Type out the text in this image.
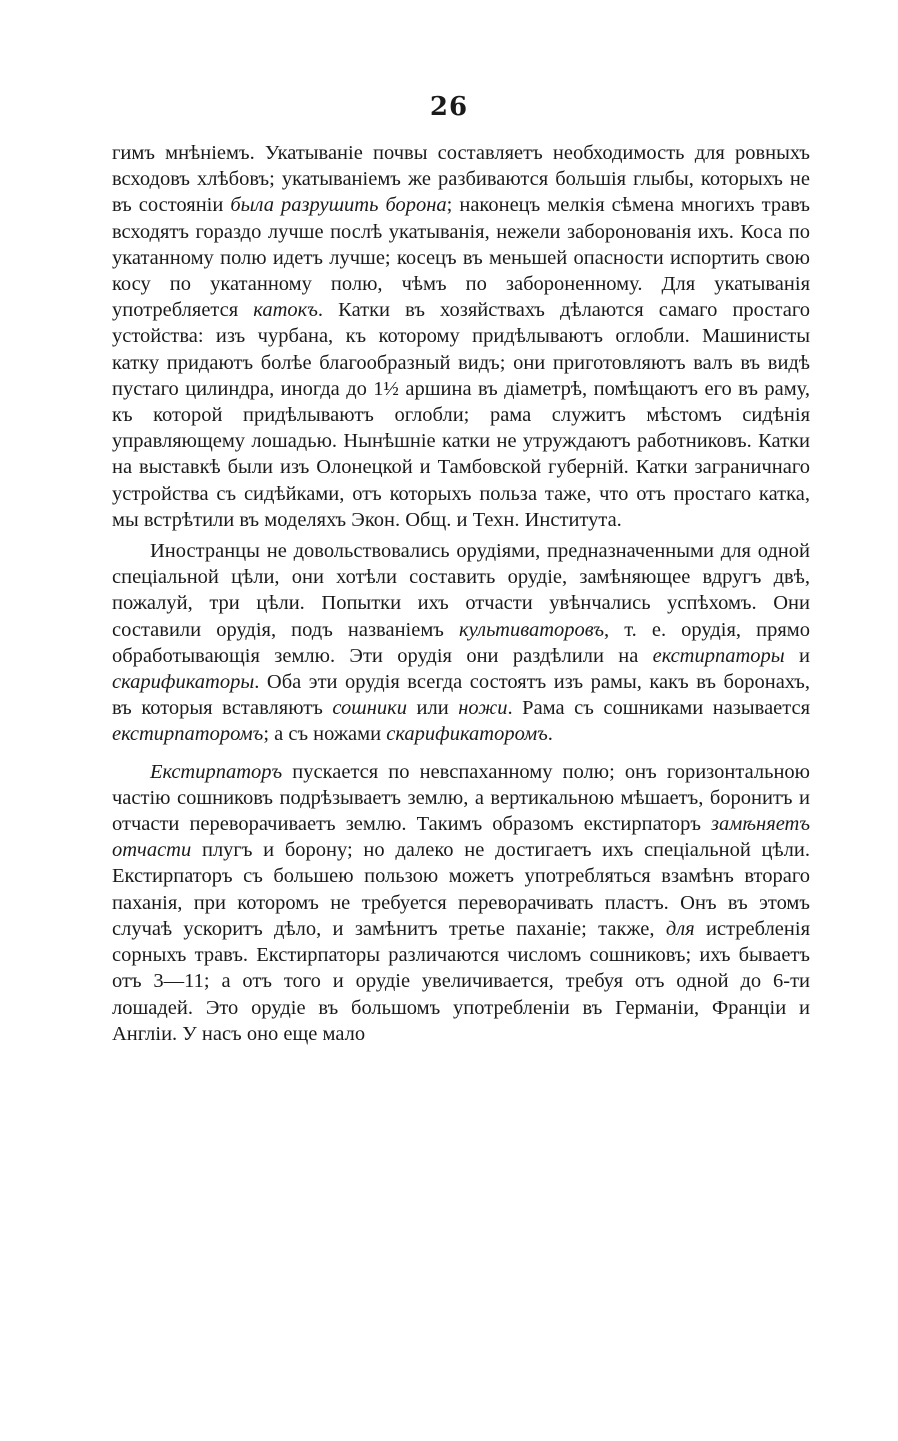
26

гимъ мнѣніемъ. Укатываніе почвы составляетъ необходимость для ровныхъ всходовъ хлѣбовъ; укатываніемъ же разбиваются большія глыбы, которыхъ не въ состояніи была разрушить борона; наконецъ мелкія сѣмена многихъ травъ всходятъ гораздо лучше послѣ укатыванія, нежели заборонованія ихъ. Коса по укатанному полю идетъ лучше; косецъ въ меньшей опасности испортить свою косу по укатанному полю, чѣмъ по забороненному. Для укатыванія употребляется катокъ. Катки въ хозяйствахъ дѣлаются самаго простаго устойства: изъ чурбана, къ которому придѣлываютъ оглобли. Машинисты катку придаютъ болѣе благообразный видъ; они приготовляютъ валъ въ видѣ пустаго цилиндра, иногда до 1½ аршина въ діаметрѣ, помѣщаютъ его въ раму, къ которой придѣлываютъ оглобли; рама служитъ мѣстомъ сидѣнія управляющему лошадью. Нынѣшніе катки не утруждаютъ работниковъ. Катки на выставкѣ были изъ Олонецкой и Тамбовской губерній. Катки заграничнаго устройства съ сидѣйками, отъ которыхъ польза таже, что отъ простаго катка, мы встрѣтили въ моделяхъ Экон. Общ. и Техн. Института.

Иностранцы не довольствовались орудіями, предназначенными для одной спеціальной цѣли, они хотѣли составить орудіе, замѣняющее вдругъ двѣ, пожалуй, три цѣли. Попытки ихъ отчасти увѣнчались успѣхомъ. Они составили орудія, подъ названіемъ культиваторовъ, т. е. орудія, прямо обработывающія землю. Эти орудія они раздѣлили на екстирпаторы и скарификаторы. Оба эти орудія всегда состоятъ изъ рамы, какъ въ боронахъ, въ которыя вставляютъ сошники или ножи. Рама съ сошниками называется екстирпаторомъ; а съ ножами скарификаторомъ.

Екстирпаторъ пускается по невспаханному полю; онъ горизонтальною частію сошниковъ подрѣзываетъ землю, а вертикальною мѣшаетъ, боронитъ и отчасти переворачиваетъ землю. Такимъ образомъ екстирпаторъ замѣняетъ отчасти плугъ и борону; но далеко не достигаетъ ихъ спеціальной цѣли. Екстирпаторъ съ большею пользою можетъ употребляться взамѣнъ втораго паханія, при которомъ не требуется переворачивать пластъ. Онъ въ этомъ случаѣ ускоритъ дѣло, и замѣнитъ третье паханіе; также, для истребленія сорныхъ травъ. Екстирпаторы различаются числомъ сошниковъ; ихъ бываетъ отъ 3—11; а отъ того и орудіе увеличивается, требуя отъ одной до 6-ти лошадей. Это орудіе въ большомъ употребленіи въ Германіи, Франціи и Англіи. У насъ оно еще мало
